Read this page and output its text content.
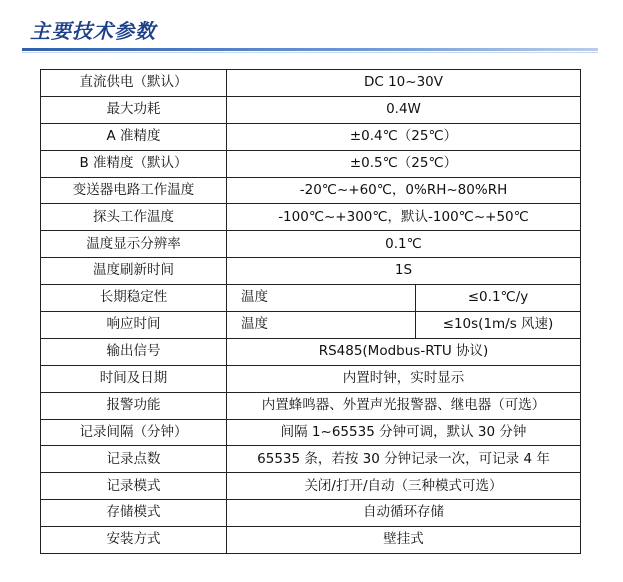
主要技术参数
直流供电（默认）	DC 10~30V	
最大功耗	0.4W	
A 准精度	±0.4℃（25℃）	
B 准精度（默认）	±0.5℃（25℃）	
变送器电路工作温度	-20℃~+60℃，0%RH~80%RH	
探头工作温度	-100℃~+300℃，默认-100℃~+50℃	
温度显示分辨率	0.1℃	
温度刷新时间	1S	
长期稳定性	温度	≤0.1℃/y
响应时间	温度	≤10s(1m/s 风速)
输出信号	RS485(Modbus-RTU 协议)	
时间及日期	内置时钟，实时显示	
报警功能	内置蜂鸣器、外置声光报警器、继电器（可选）	
记录间隔（分钟）	间隔 1~65535 分钟可调，默认 30 分钟	
记录点数	65535 条，若按 30 分钟记录一次，可记录 4 年	
记录模式	关闭/打开/自动（三种模式可选）	
存储模式	自动循环存储	
安装方式	壁挂式	
